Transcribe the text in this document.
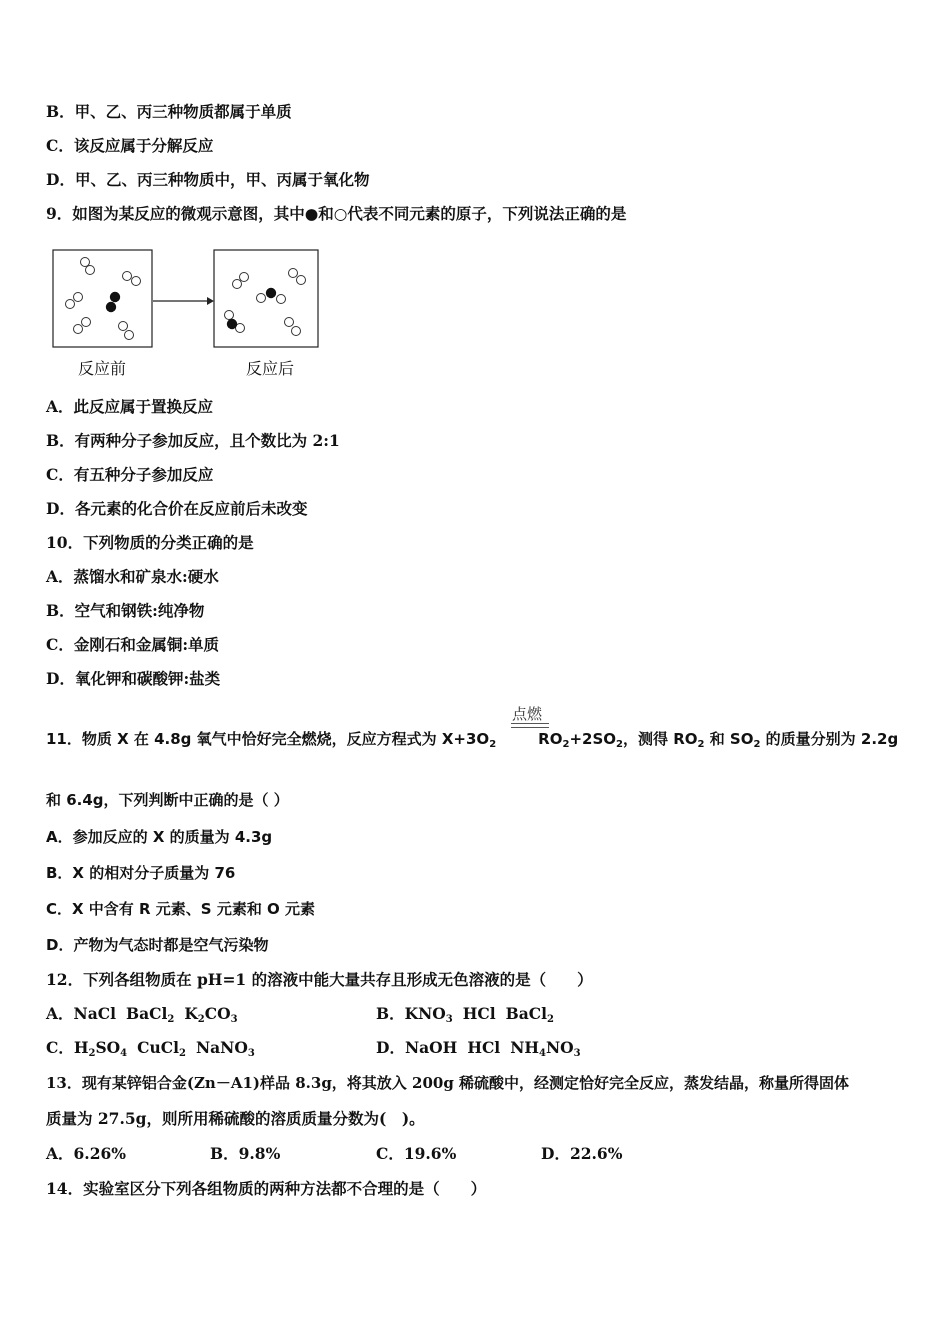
B．甲、乙、丙三种物质都属于单质
C．该反应属于分解反应
D．甲、乙、丙三种物质中，甲、丙属于氧化物
9．如图为某反应的微观示意图，其中●和○代表不同元素的原子，下列说法正确的是
反应前	反应后
A．此反应属于置换反应
B．有两种分子参加反应，且个数比为 2:1
C．有五种分子参加反应
D．各元素的化合价在反应前后未改变
10．下列物质的分类正确的是
A．蒸馏水和矿泉水:硬水
B．空气和钢铁:纯净物
C．金刚石和金属铜:单质
D．氧化钾和碳酸钾:盐类
点燃
11．物质 X 在 4.8g 氧气中恰好完全燃烧，反应方程式为 $X+3O_2$	$RO_2+2SO_2$，测得 $RO_2$ 和 $SO_2$ 的质量分别为 2.2g
和 6.4g，下列判断中正确的是（ ）
A．参加反应的 X 的质量为 4.3g
B．X 的相对分子质量为 76
C．X 中含有 R 元素、S 元素和 O 元素
D．产物为气态时都是空气污染物
12．下列各组物质在 pH=1 的溶液中能大量共存且形成无色溶液的是（　　）
A．NaCl BaCl$_2$ $K_2CO_3$	B．$KNO_3$ HCl BaCl$_2$
C．$H_2SO_4$ CuCl$_2$ NaNO$_3$	D．NaOH HCl $NH_4NO_3$
13．现有某锌铝合金(Zn－A1)样品 8.3g，将其放入 200g 稀硫酸中，经测定恰好完全反应，蒸发结晶，称量所得固体
质量为 27.5g，则所用稀硫酸的溶质质量分数为(　)。
A．6.26%	B．9.8%	C．19.6%	D．22.6%
14．实验室区分下列各组物质的两种方法都不合理的是（　　）
